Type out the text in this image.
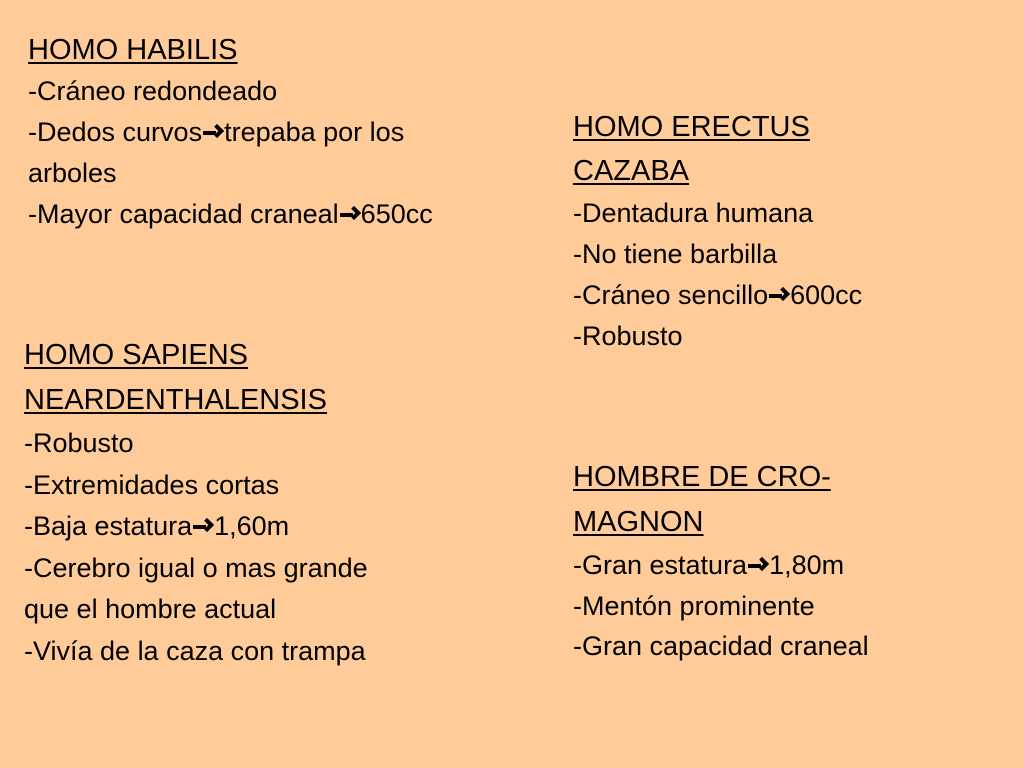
HOMO HABILIS
-Cráneo redondeado
-Dedos curvos trepaba por los
arboles
-Mayor capacidad craneal 650cc
HOMO ERECTUS
CAZABA
-Dentadura humana
-No tiene barbilla
-Cráneo sencillo 600cc
-Robusto
HOMO SAPIENS
NEARDENTHALENSIS
-Robusto
-Extremidades cortas
-Baja estatura 1,60m
-Cerebro igual o mas grande
que el hombre actual
-Vivía de la caza con trampa
HOMBRE DE CRO-
MAGNON
-Gran estatura 1,80m
-Mentón prominente
-Gran capacidad craneal
